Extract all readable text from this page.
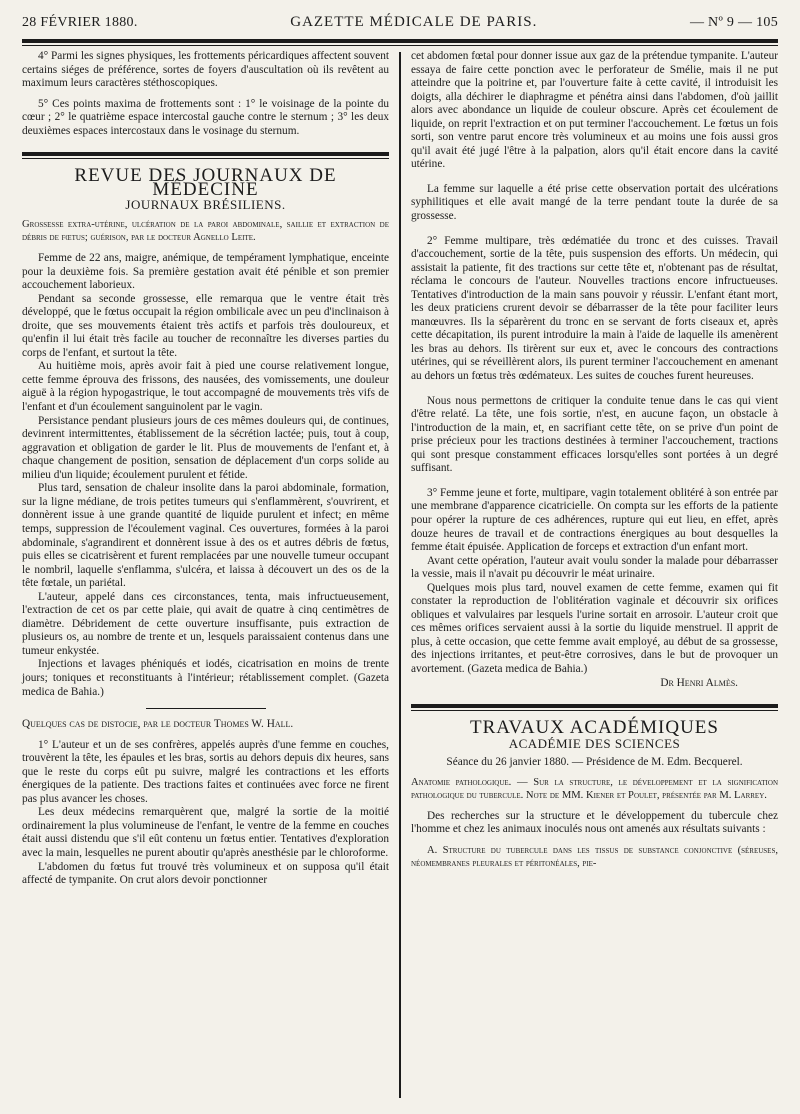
28 FÉVRIER 1880.	GAZETTE MÉDICALE DE PARIS.	— Nº 9 — 105

4° Parmi les signes physiques, les frottements péricardiques affectent souvent certains siéges de préférence, sortes de foyers d'auscultation où ils revêtent au maximum leurs caractères stéthoscopiques.

5° Ces points maxima de frottements sont : 1° le voisinage de la pointe du cœur ; 2° le quatrième espace intercostal gauche contre le sternum ; 3° les deux deuxièmes espaces intercostaux dans le vosinage du sternum.

REVUE DES JOURNAUX DE MÉDECINE
JOURNAUX BRÉSILIENS.

Grossesse extra-utérine, ulcération de la paroi abdominale, saillie et extraction de débris de fœtus; guérison, par le docteur Agnello Leite.

Femme de 22 ans, maigre, anémique, de tempérament lymphatique, enceinte pour la deuxième fois. Sa première gestation avait été pénible et son premier accouchement laborieux.

Pendant sa seconde grossesse, elle remarqua que le ventre était très développé, que le fœtus occupait la région ombilicale avec un peu d'inclinaison à droite, que ses mouvements étaient très actifs et parfois très douloureux, et qu'enfin il lui était très facile au toucher de reconnaître les diverses parties du corps de l'enfant, et surtout la tête.

Au huitième mois, après avoir fait à pied une course relativement longue, cette femme éprouva des frissons, des nausées, des vomissements, une douleur aiguë à la région hypogastrique, le tout accompagné de mouvements très vifs de l'enfant et d'un écoulement sanguinolent par le vagin.

Persistance pendant plusieurs jours de ces mêmes douleurs qui, de continues, devinrent intermittentes, établissement de la sécrétion lactée; puis, tout à coup, aggravation et obligation de garder le lit. Plus de mouvements de l'enfant et, à chaque changement de position, sensation de déplacement d'un corps solide au milieu d'un liquide; écoulement purulent et fétide.

Plus tard, sensation de chaleur insolite dans la paroi abdominale, formation, sur la ligne médiane, de trois petites tumeurs qui s'enflammèrent, s'ouvrirent, et donnèrent issue à une grande quantité de liquide purulent et infect; en même temps, suppression de l'écoulement vaginal. Ces ouvertures, formées à la paroi abdominale, s'agrandirent et donnèrent issue à des os et autres débris de fœtus, puis elles se cicatrisèrent et furent remplacées par une nouvelle tumeur occupant le nombril, laquelle s'enflamma, s'ulcéra, et laissa à découvert un des os de la tête fœtale, un pariétal.

L'auteur, appelé dans ces circonstances, tenta, mais infructueusement, l'extraction de cet os par cette plaie, qui avait de quatre à cinq centimètres de diamètre. Débridement de cette ouverture insuffisante, puis extraction de plusieurs os, au nombre de trente et un, lesquels paraissaient contenus dans une tumeur enkystée.

Injections et lavages phéniqués et iodés, cicatrisation en moins de trente jours; toniques et reconstituants à l'intérieur; rétablissement complet. (Gazeta medica de Bahia.)

Quelques cas de distocie, par le docteur Thomes W. Hall.

1° L'auteur et un de ses confrères, appelés auprès d'une femme en couches, trouvèrent la tête, les épaules et les bras, sortis au dehors depuis dix heures, sans que le reste du corps eût pu suivre, malgré les contractions et les efforts énergiques de la patiente. Des tractions faites et continuées avec force ne firent pas plus avancer les choses.

Les deux médecins remarquèrent que, malgré la sortie de la moitié ordinairement la plus volumineuse de l'enfant, le ventre de la femme en couches était aussi distendu que s'il eût contenu un fœtus entier. Tentatives d'exploration avec la main, lesquelles ne purent aboutir qu'après anesthésie par le chloroforme.

L'abdomen du fœtus fut trouvé très volumineux et on supposa qu'il était affecté de tympanite. On crut alors devoir ponctionner

cet abdomen fœtal pour donner issue aux gaz de la prétendue tympanite. L'auteur essaya de faire cette ponction avec le perforateur de Smélie, mais il ne put atteindre que la poitrine et, par l'ouverture faite à cette cavité, il introduisit les doigts, alla déchirer le diaphragme et pénétra ainsi dans l'abdomen, d'où jaillit alors avec abondance un liquide de couleur obscure. Après cet écoulement de liquide, on reprit l'extraction et on put terminer l'accouchement. Le fœtus un fois sorti, son ventre parut encore très volumineux et au moins une fois aussi gros qu'il avait été jugé l'être à la palpation, alors qu'il était encore dans la cavité utérine.

La femme sur laquelle a été prise cette observation portait des ulcérations syphilitiques et elle avait mangé de la terre pendant toute la durée de sa grossesse.

2° Femme multipare, très œdématiée du tronc et des cuisses. Travail d'accouchement, sortie de la tête, puis suspension des efforts. Un médecin, qui assistait la patiente, fit des tractions sur cette tête et, n'obtenant pas de résultat, réclama le concours de l'auteur. Nouvelles tractions encore infructueuses. Tentatives d'introduction de la main sans pouvoir y réussir. L'enfant étant mort, les deux praticiens crurent devoir se débarrasser de la tête pour faciliter leurs manœuvres. Ils la séparèrent du tronc en se servant de forts ciseaux et, après cette décapitation, ils purent introduire la main à l'aide de laquelle ils amenèrent les bras au dehors. Ils tirèrent sur eux et, avec le concours des contractions utérines, qui se réveillèrent alors, ils purent terminer l'accouchement en amenant au dehors un fœtus très œdémateux. Les suites de couches furent heureuses.

Nous nous permettons de critiquer la conduite tenue dans le cas qui vient d'être relaté. La tête, une fois sortie, n'est, en aucune façon, un obstacle à l'introduction de la main, et, en sacrifiant cette tête, on se prive d'un point de prise précieux pour les tractions destinées à terminer l'accouchement, tractions qui sont presque constamment efficaces lorsqu'elles sont portées à un degré suffisant.

3° Femme jeune et forte, multipare, vagin totalement oblitéré à son entrée par une membrane d'apparence cicatricielle. On compta sur les efforts de la patiente pour opérer la rupture de ces adhérences, rupture qui eut lieu, en effet, après douze heures de travail et de contractions énergiques au bout desquelles la femme était épuisée. Application de forceps et extraction d'un enfant mort.

Avant cette opération, l'auteur avait voulu sonder la malade pour débarrasser la vessie, mais il n'avait pu découvrir le méat urinaire.

Quelques mois plus tard, nouvel examen de cette femme, examen qui fit constater la reproduction de l'oblitération vaginale et découvrir six orifices obliques et valvulaires par lesquels l'urine sortait en arrosoir. L'auteur croit que ces mêmes orifices servaient aussi à la sortie du liquide menstruel. Il apprit de plus, à cette occasion, que cette femme avait employé, au début de sa grossesse, des injections irritantes, et peut-être corrosives, dans le but de provoquer un avortement. (Gazeta medica de Bahia.)

Dr Henri Almès.

TRAVAUX ACADÉMIQUES
ACADÉMIE DES SCIENCES

Séance du 26 janvier 1880. — Présidence de M. Edm. Becquerel.

Anatomie pathologique. — Sur la structure, le développement et la signification pathologique du tubercule. Note de MM. Kiener et Poulet, présentée par M. Larrey.

Des recherches sur la structure et le développement du tubercule chez l'homme et chez les animaux inoculés nous ont amenés aux résultats suivants :

A. Structure du tubercule dans les tissus de substance conjonctive (séreuses, néomembranes pleurales et péritonéales, pie-
